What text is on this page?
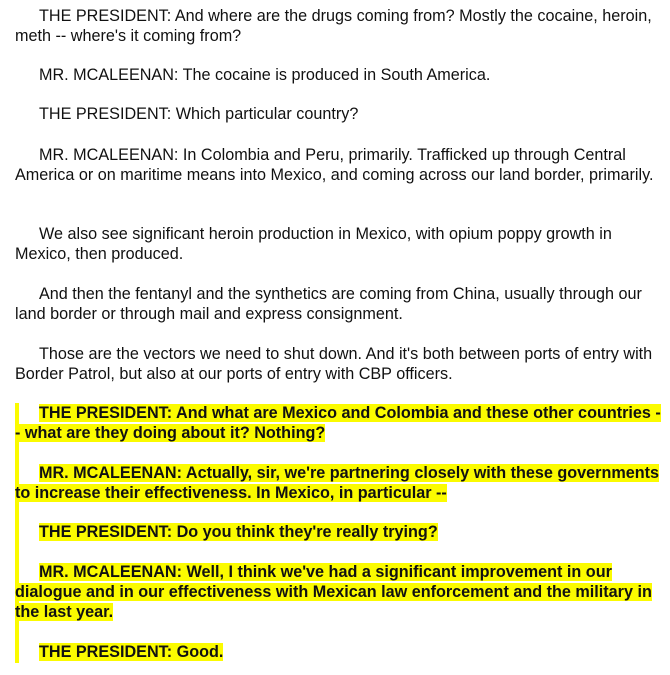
THE PRESIDENT: And where are the drugs coming from? Mostly the cocaine, heroin, meth -- where's it coming from?

MR. MCALEENAN: The cocaine is produced in South America.

THE PRESIDENT: Which particular country?

MR. MCALEENAN: In Colombia and Peru, primarily. Trafficked up through Central America or on maritime means into Mexico, and coming across our land border, primarily.

We also see significant heroin production in Mexico, with opium poppy growth in Mexico, then produced.

And then the fentanyl and the synthetics are coming from China, usually through our land border or through mail and express consignment.

Those are the vectors we need to shut down. And it's both between ports of entry with Border Patrol, but also at our ports of entry with CBP officers.

THE PRESIDENT: And what are Mexico and Colombia and these other countries -- what are they doing about it? Nothing?

MR. MCALEENAN: Actually, sir, we're partnering closely with these governments to increase their effectiveness. In Mexico, in particular --

THE PRESIDENT: Do you think they're really trying?

MR. MCALEENAN: Well, I think we've had a significant improvement in our dialogue and in our effectiveness with Mexican law enforcement and the military in the last year.

THE PRESIDENT: Good.
